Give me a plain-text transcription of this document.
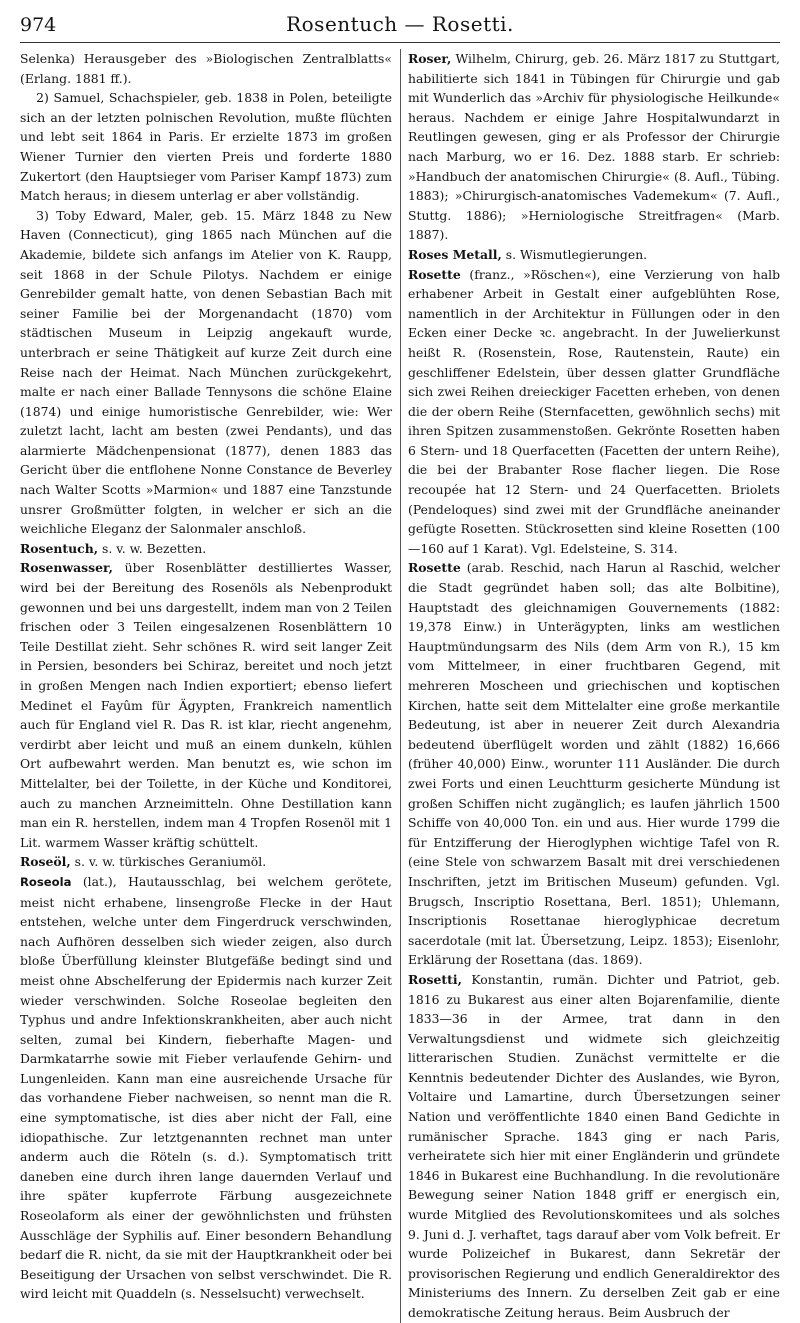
974	Rosentuch — Rosetti.

Selenka) Herausgeber des »Biologischen Zentralblatts« (Erlang. 1881 ff.).

2) Samuel, Schachspieler, geb. 1838 in Polen, beteiligte sich an der letzten polnischen Revolution, mußte flüchten und lebt seit 1864 in Paris. Er erzielte 1873 im großen Wiener Turnier den vierten Preis und forderte 1880 Zukertort (den Hauptsieger vom Pariser Kampf 1873) zum Match heraus; in diesem unterlag er aber vollständig.

3) Toby Edward, Maler, geb. 15. März 1848 zu New Haven (Connecticut), ging 1865 nach München auf die Akademie, bildete sich anfangs im Atelier von K. Raupp, seit 1868 in der Schule Pilotys. Nachdem er einige Genrebilder gemalt hatte, von denen Sebastian Bach mit seiner Familie bei der Morgenandacht (1870) vom städtischen Museum in Leipzig angekauft wurde, unterbrach er seine Thätigkeit auf kurze Zeit durch eine Reise nach der Heimat. Nach München zurückgekehrt, malte er nach einer Ballade Tennysons die schöne Elaine (1874) und einige humoristische Genrebilder, wie: Wer zuletzt lacht, lacht am besten (zwei Pendants), und das alarmierte Mädchenpensionat (1877), denen 1883 das Gericht über die entflohene Nonne Constance de Beverley nach Walter Scotts »Marmion« und 1887 eine Tanzstunde unsrer Großmütter folgten, in welcher er sich an die weichliche Eleganz der Salonmaler anschloß.

Rosentuch, s. v. w. Bezetten.

Rosenwasser, über Rosenblätter destilliertes Wasser, wird bei der Bereitung des Rosenöls als Nebenprodukt gewonnen und bei uns dargestellt, indem man von 2 Teilen frischen oder 3 Teilen eingesalzenen Rosenblättern 10 Teile Destillat zieht. Sehr schönes R. wird seit langer Zeit in Persien, besonders bei Schiraz, bereitet und noch jetzt in großen Mengen nach Indien exportiert; ebenso liefert Medinet el Fayûm für Ägypten, Frankreich namentlich auch für England viel R. Das R. ist klar, riecht angenehm, verdirbt aber leicht und muß an einem dunkeln, kühlen Ort aufbewahrt werden. Man benutzt es, wie schon im Mittelalter, bei der Toilette, in der Küche und Konditorei, auch zu manchen Arzneimitteln. Ohne Destillation kann man ein R. herstellen, indem man 4 Tropfen Rosenöl mit 1 Lit. warmem Wasser kräftig schüttelt.

Roseöl, s. v. w. türkisches Geraniumöl.

Roseola (lat.), Hautausschlag, bei welchem gerötete, meist nicht erhabene, linsengroße Flecke in der Haut entstehen, welche unter dem Fingerdruck verschwinden, nach Aufhören desselben sich wieder zeigen, also durch bloße Überfüllung kleinster Blutgefäße bedingt sind und meist ohne Abschelferung der Epidermis nach kurzer Zeit wieder verschwinden. Solche Roseolae begleiten den Typhus und andre Infektionskrankheiten, aber auch nicht selten, zumal bei Kindern, fieberhafte Magen- und Darmkatarrhe sowie mit Fieber verlaufende Gehirn- und Lungenleiden. Kann man eine ausreichende Ursache für das vorhandene Fieber nachweisen, so nennt man die R. eine symptomatische, ist dies aber nicht der Fall, eine idiopathische. Zur letztgenannten rechnet man unter anderm auch die Röteln (s. d.). Symptomatisch tritt daneben eine durch ihren lange dauernden Verlauf und ihre später kupferrote Färbung ausgezeichnete Roseolaform als einer der gewöhnlichsten und frühsten Ausschläge der Syphilis auf. Einer besondern Behandlung bedarf die R. nicht, da sie mit der Hauptkrankheit oder bei Beseitigung der Ursachen von selbst verschwindet. Die R. wird leicht mit Quaddeln (s. Nesselsucht) verwechselt.

Roser, Wilhelm, Chirurg, geb. 26. März 1817 zu Stuttgart, habilitierte sich 1841 in Tübingen für Chirurgie und gab mit Wunderlich das »Archiv für physiologische Heilkunde« heraus. Nachdem er einige Jahre Hospitalwundarzt in Reutlingen gewesen, ging er als Professor der Chirurgie nach Marburg, wo er 16. Dez. 1888 starb. Er schrieb: »Handbuch der anatomischen Chirurgie« (8. Aufl., Tübing. 1883); »Chirurgisch-anatomisches Vademekum« (7. Aufl., Stuttg. 1886); »Herniologische Streitfragen« (Marb. 1887).

Roses Metall, s. Wismutlegierungen.

Rosette (franz., »Röschen«), eine Verzierung von halb erhabener Arbeit in Gestalt einer aufgeblühten Rose, namentlich in der Architektur in Füllungen oder in den Ecken einer Decke ꝛc. angebracht. In der Juwelierkunst heißt R. (Rosenstein, Rose, Rautenstein, Raute) ein geschliffener Edelstein, über dessen glatter Grundfläche sich zwei Reihen dreieckiger Facetten erheben, von denen die der obern Reihe (Sternfacetten, gewöhnlich sechs) mit ihren Spitzen zusammenstoßen. Gekrönte Rosetten haben 6 Stern- und 18 Querfacetten (Facetten der untern Reihe), die bei der Brabanter Rose flacher liegen. Die Rose recoupée hat 12 Stern- und 24 Querfacetten. Briolets (Pendeloques) sind zwei mit der Grundfläche aneinander gefügte Rosetten. Stückrosetten sind kleine Rosetten (100—160 auf 1 Karat). Vgl. Edelsteine, S. 314.

Rosette (arab. Reschid, nach Harun al Raschid, welcher die Stadt gegründet haben soll; das alte Bolbitine), Hauptstadt des gleichnamigen Gouvernements (1882: 19,378 Einw.) in Unterägypten, links am westlichen Hauptmündungsarm des Nils (dem Arm von R.), 15 km vom Mittelmeer, in einer fruchtbaren Gegend, mit mehreren Moscheen und griechischen und koptischen Kirchen, hatte seit dem Mittelalter eine große merkantile Bedeutung, ist aber in neuerer Zeit durch Alexandria bedeutend überflügelt worden und zählt (1882) 16,666 (früher 40,000) Einw., worunter 111 Ausländer. Die durch zwei Forts und einen Leuchtturm gesicherte Mündung ist großen Schiffen nicht zugänglich; es laufen jährlich 1500 Schiffe von 40,000 Ton. ein und aus. Hier wurde 1799 die für Entzifferung der Hieroglyphen wichtige Tafel von R. (eine Stele von schwarzem Basalt mit drei verschiedenen Inschriften, jetzt im Britischen Museum) gefunden. Vgl. Brugsch, Inscriptio Rosettana, Berl. 1851); Uhlemann, Inscriptionis Rosettanae hieroglyphicae decretum sacerdotale (mit lat. Übersetzung, Leipz. 1853); Eisenlohr, Erklärung der Rosettana (das. 1869).

Rosetti, Konstantin, rumän. Dichter und Patriot, geb. 1816 zu Bukarest aus einer alten Bojarenfamilie, diente 1833—36 in der Armee, trat dann in den Verwaltungsdienst und widmete sich gleichzeitig litterarischen Studien. Zunächst vermittelte er die Kenntnis bedeutender Dichter des Auslandes, wie Byron, Voltaire und Lamartine, durch Übersetzungen seiner Nation und veröffentlichte 1840 einen Band Gedichte in rumänischer Sprache. 1843 ging er nach Paris, verheiratete sich hier mit einer Engländerin und gründete 1846 in Bukarest eine Buchhandlung. In die revolutionäre Bewegung seiner Nation 1848 griff er energisch ein, wurde Mitglied des Revolutionskomitees und als solches 9. Juni d. J. verhaftet, tags darauf aber vom Volk befreit. Er wurde Polizeichef in Bukarest, dann Sekretär der provisorischen Regierung und endlich Generaldirektor des Ministeriums des Innern. Zu derselben Zeit gab er eine demokratische Zeitung heraus. Beim Ausbruch der
